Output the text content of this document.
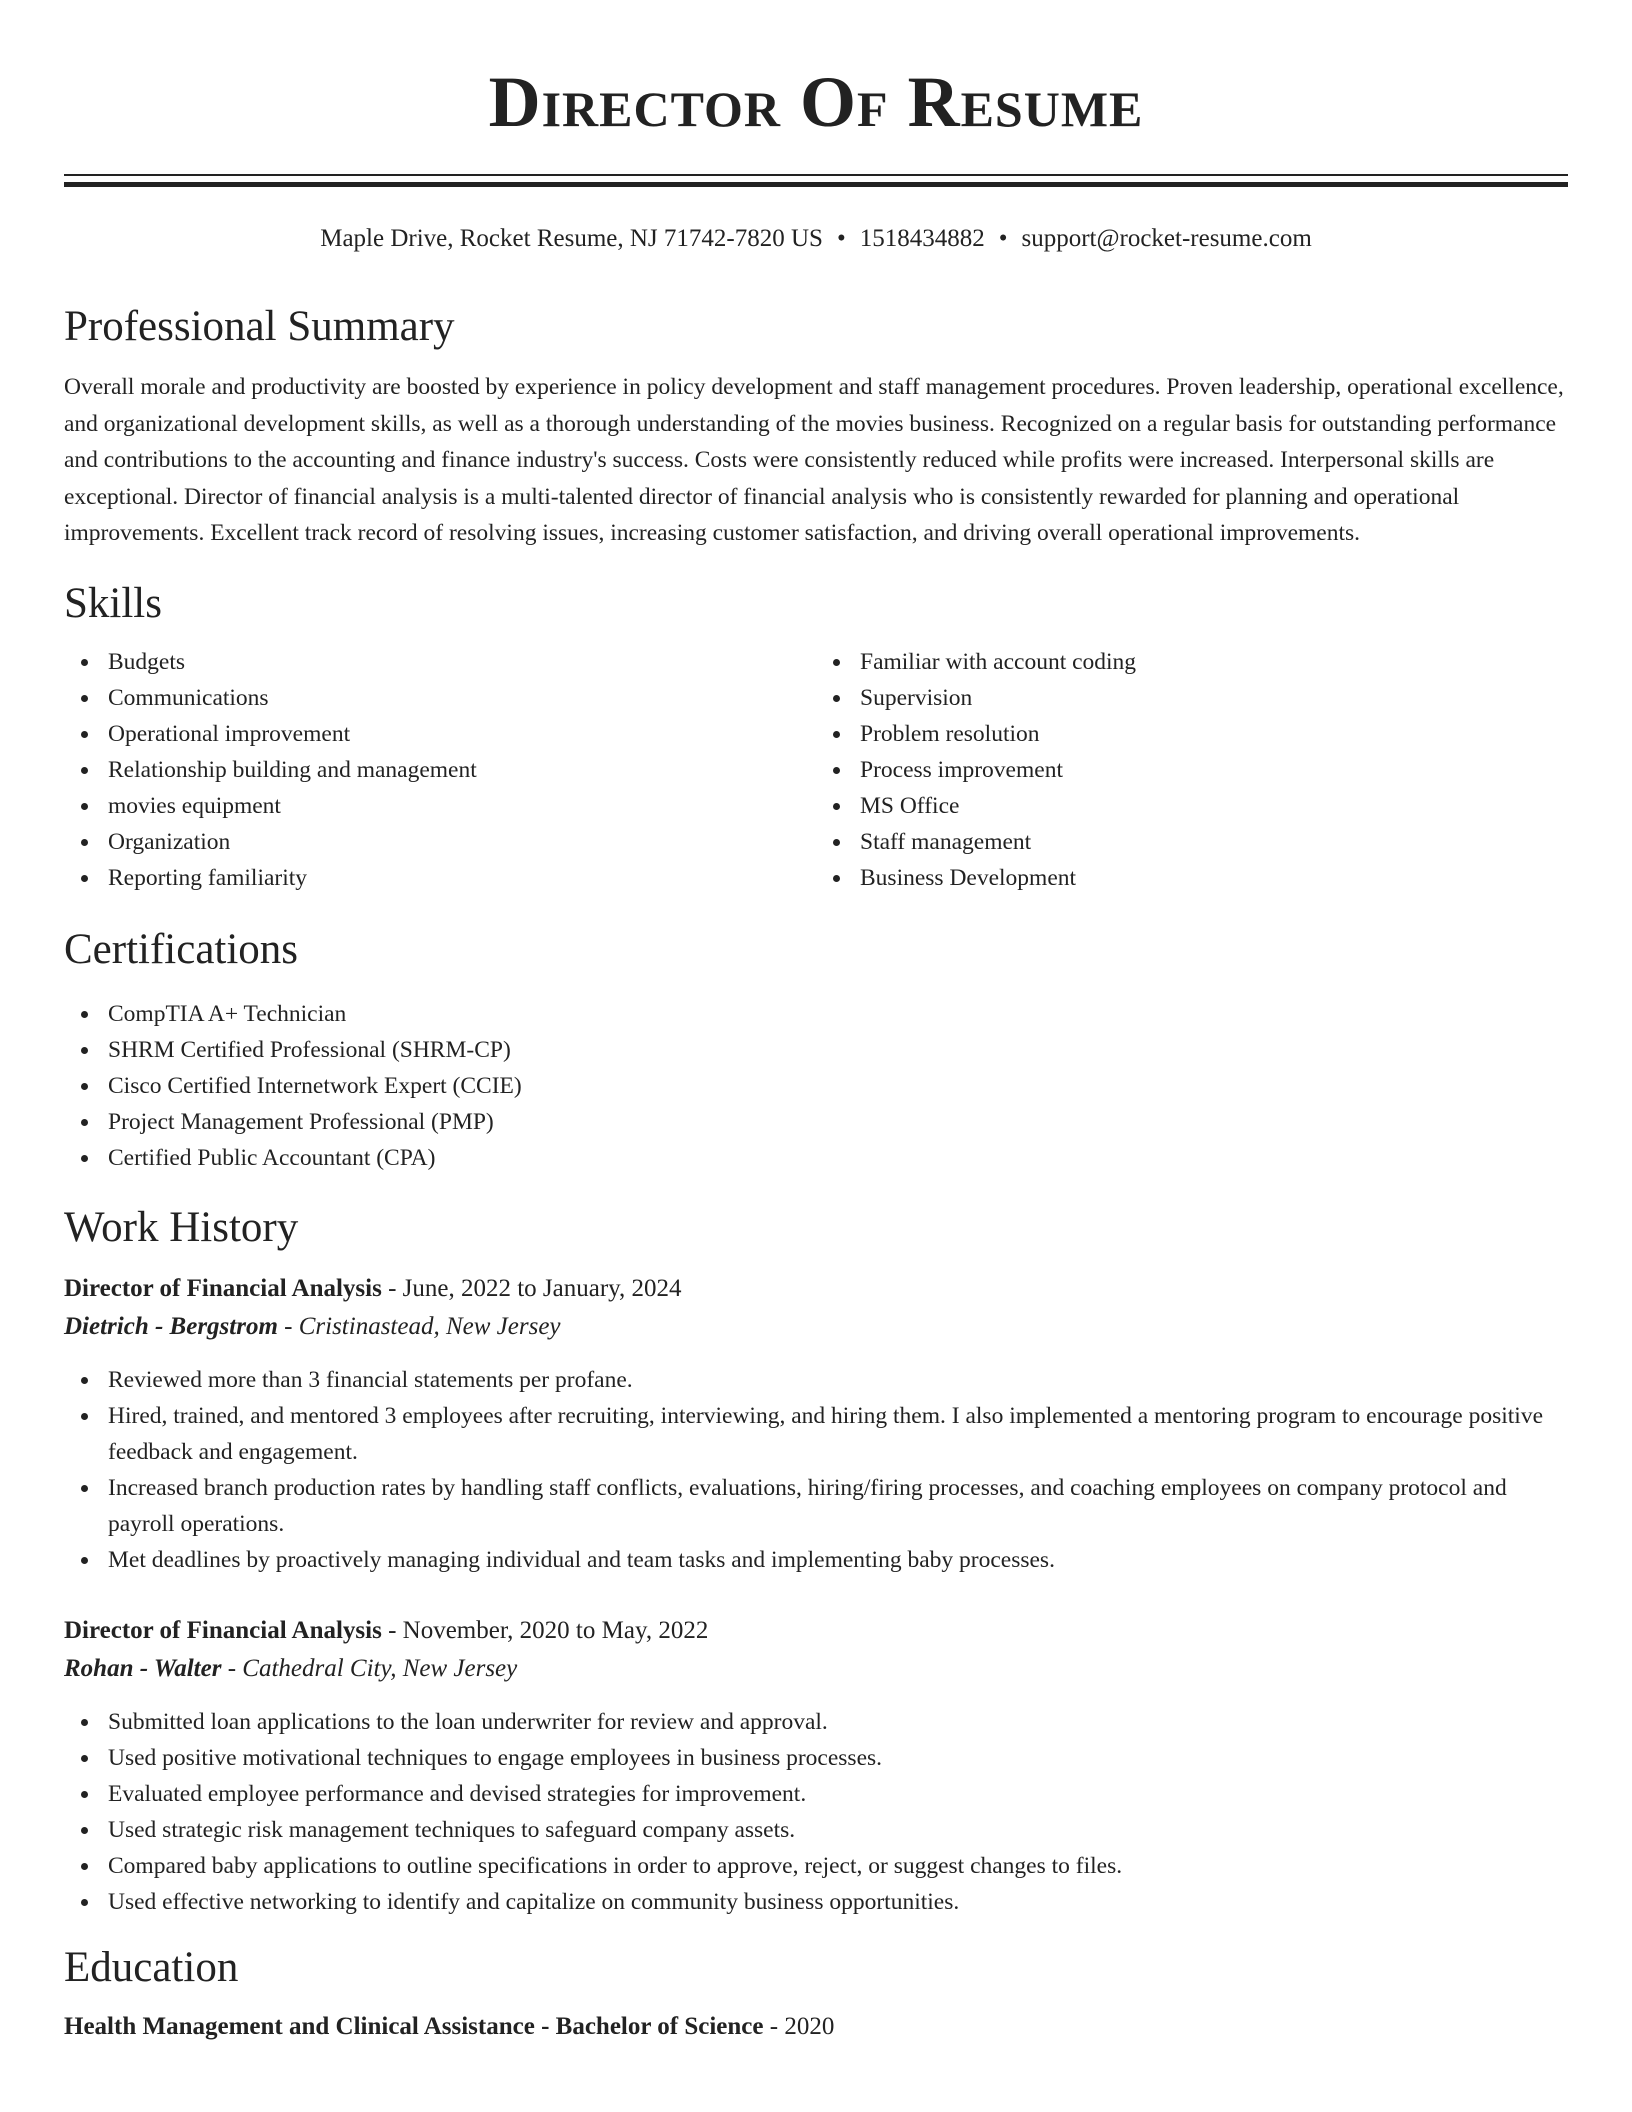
Director Of Resume
Maple Drive, Rocket Resume, NJ 71742-7820 US • 1518434882 • support@rocket-resume.com
Professional Summary

Overall morale and productivity are boosted by experience in policy development and staff management procedures. Proven leadership, operational excellence, and organizational development skills, as well as a thorough understanding of the movies business. Recognized on a regular basis for outstanding performance and contributions to the accounting and finance industry's success. Costs were consistently reduced while profits were increased. Interpersonal skills are exceptional. Director of financial analysis is a multi-talented director of financial analysis who is consistently rewarded for planning and operational improvements. Excellent track record of resolving issues, increasing customer satisfaction, and driving overall operational improvements.

Skills
Budgets
Communications
Operational improvement
Relationship building and management
movies equipment
Organization
Reporting familiarity
Familiar with account coding
Supervision
Problem resolution
Process improvement
MS Office
Staff management
Business Development
Certifications
CompTIA A+ Technician
SHRM Certified Professional (SHRM-CP)
Cisco Certified Internetwork Expert (CCIE)
Project Management Professional (PMP)
Certified Public Accountant (CPA)
Work History
Director of Financial Analysis - June, 2022 to January, 2024
Dietrich - Bergstrom - Cristinastead, New Jersey
Reviewed more than 3 financial statements per profane.
Hired, trained, and mentored 3 employees after recruiting, interviewing, and hiring them. I also implemented a mentoring program to encourage positive feedback and engagement.
Increased branch production rates by handling staff conflicts, evaluations, hiring/firing processes, and coaching employees on company protocol and payroll operations.
Met deadlines by proactively managing individual and team tasks and implementing baby processes.
Director of Financial Analysis - November, 2020 to May, 2022
Rohan - Walter - Cathedral City, New Jersey
Submitted loan applications to the loan underwriter for review and approval.
Used positive motivational techniques to engage employees in business processes.
Evaluated employee performance and devised strategies for improvement.
Used strategic risk management techniques to safeguard company assets.
Compared baby applications to outline specifications in order to approve, reject, or suggest changes to files.
Used effective networking to identify and capitalize on community business opportunities.
Education
Health Management and Clinical Assistance - Bachelor of Science - 2020
